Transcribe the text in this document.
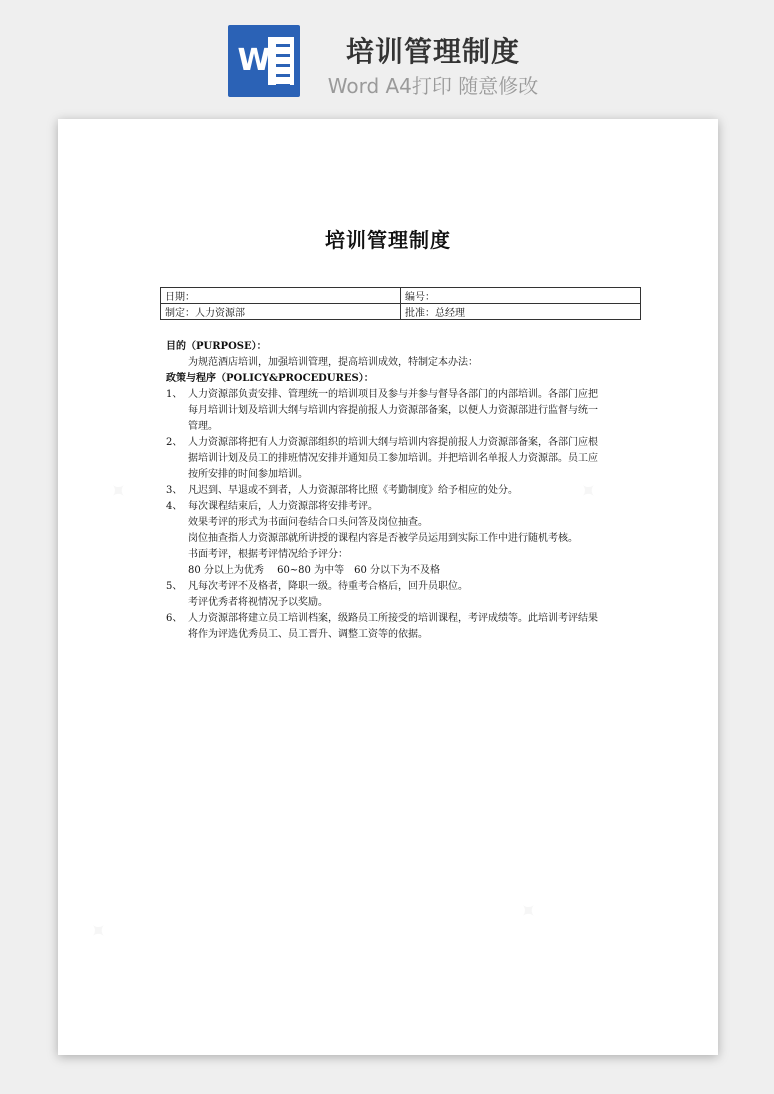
W	培训管理制度
Word A4打印 随意修改
培训管理制度
日期：	编号：
制定：人力资源部	批准：总经理
目的（PURPOSE）：
为规范酒店培训，加强培训管理，提高培训成效，特制定本办法：
政策与程序（POLICY&PROCEDURES）：
1、 人力资源部负责安排、管理统一的培训项目及参与并参与督导各部门的内部培训。各部门应把
每月培训计划及培训大纲与培训内容提前报人力资源部备案，以便人力资源部进行监督与统一
管理。
2、 人力资源部将把有人力资源部组织的培训大纲与培训内容提前报人力资源部备案，各部门应根
据培训计划及员工的排班情况安排并通知员工参加培训。并把培训名单报人力资源部。员工应
按所安排的时间参加培训。
3、 凡迟到、早退或不到者，人力资源部将比照《考勤制度》给予相应的处分。
4、 每次课程结束后，人力资源部将安排考评。
效果考评的形式为书面问卷结合口头问答及岗位抽查。
岗位抽查指人力资源部就所讲授的课程内容是否被学员运用到实际工作中进行随机考核。
书面考评，根据考评情况给予评分：
80 分以上为优秀　 60~80 为中等　60 分以下为不及格
5、 凡每次考评不及格者，降职一级。待重考合格后，回升员职位。
考评优秀者将视情况予以奖励。
6、 人力资源部将建立员工培训档案，级路员工所接受的培训课程，考评成绩等。此培训考评结果
将作为评选优秀员工、员工晋升、调整工资等的依据。
